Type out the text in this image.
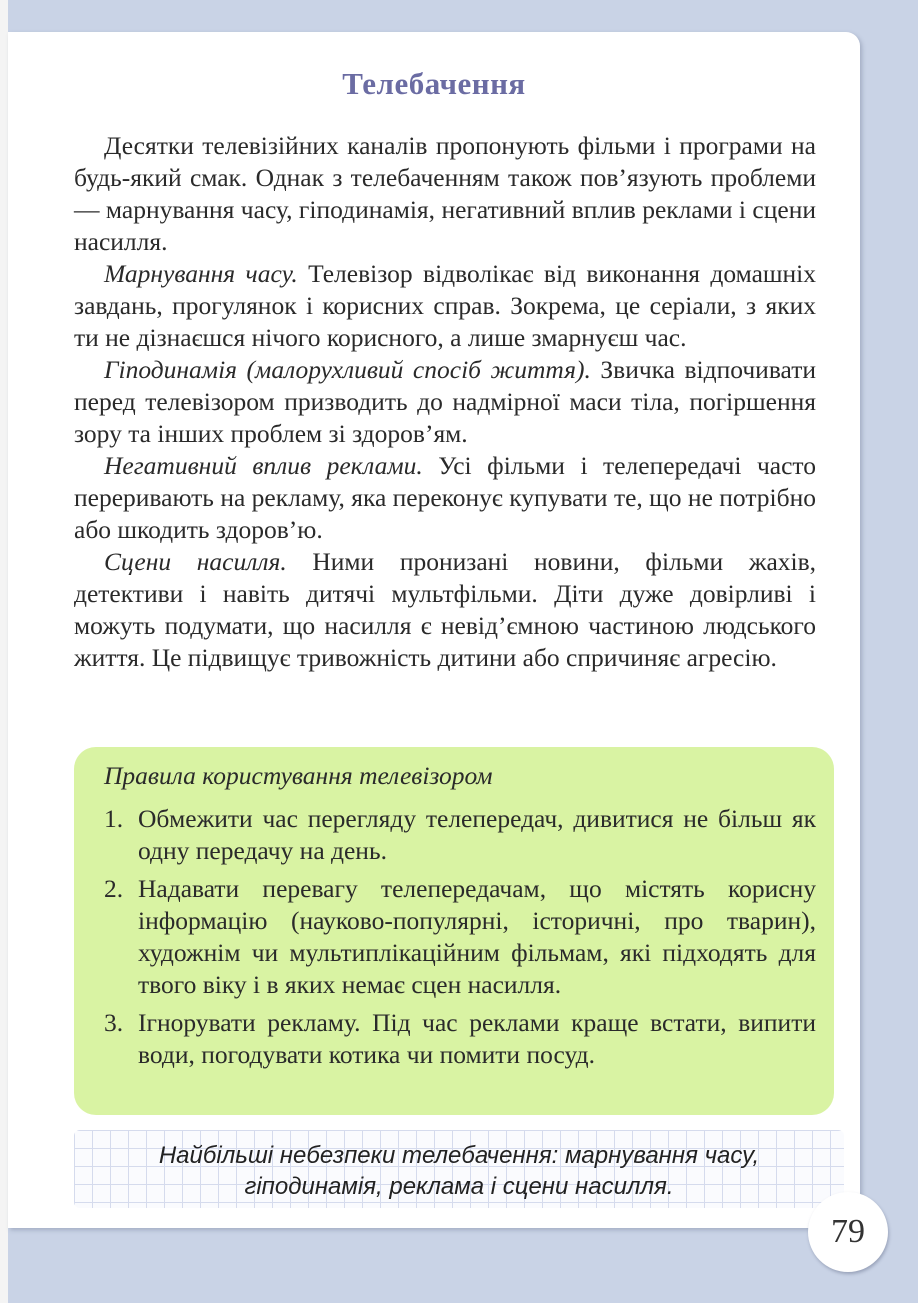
Телебачення

Десятки телевізійних каналів пропонують фільми і програми на будь-який смак. Однак з телебаченням також пов’язують проблеми — марнування часу, гіподинамія, негативний вплив реклами і сцени насилля.

Марнування часу. Телевізор відволікає від виконання домашніх завдань, прогулянок і корисних справ. Зокрема, це серіали, з яких ти не дізнаєшся нічого корисного, а лише змарнуєш час.

Гіподинамія (малорухливий спосіб життя). Звичка відпочивати перед телевізором призводить до надмірної маси тіла, погіршення зору та інших проблем зі здоров’ям.

Негативний вплив реклами. Усі фільми і телепередачі часто переривають на рекламу, яка переконує купувати те, що не потрібно або шкодить здоров’ю.

Сцени насилля. Ними пронизані новини, фільми жахів, детективи і навіть дитячі мультфільми. Діти дуже довірливі і можуть подумати, що насилля є невід’ємною частиною людського життя. Це підвищує тривожність дитини або спричиняє агресію.

Правила користування телевізором
1. Обмежити час перегляду телепередач, дивитися не більш як одну передачу на день.
2. Надавати перевагу телепередачам, що містять корисну інформацію (науково-популярні, історичні, про тварин), художнім чи мультиплікаційним фільмам, які підходять для твого віку і в яких немає сцен насилля.
3. Ігнорувати рекламу. Під час реклами краще встати, випити води, погодувати котика чи помити посуд.
Найбільші небезпеки телебачення: марнування часу,
гіподинамія, реклама і сцени насилля.
79
